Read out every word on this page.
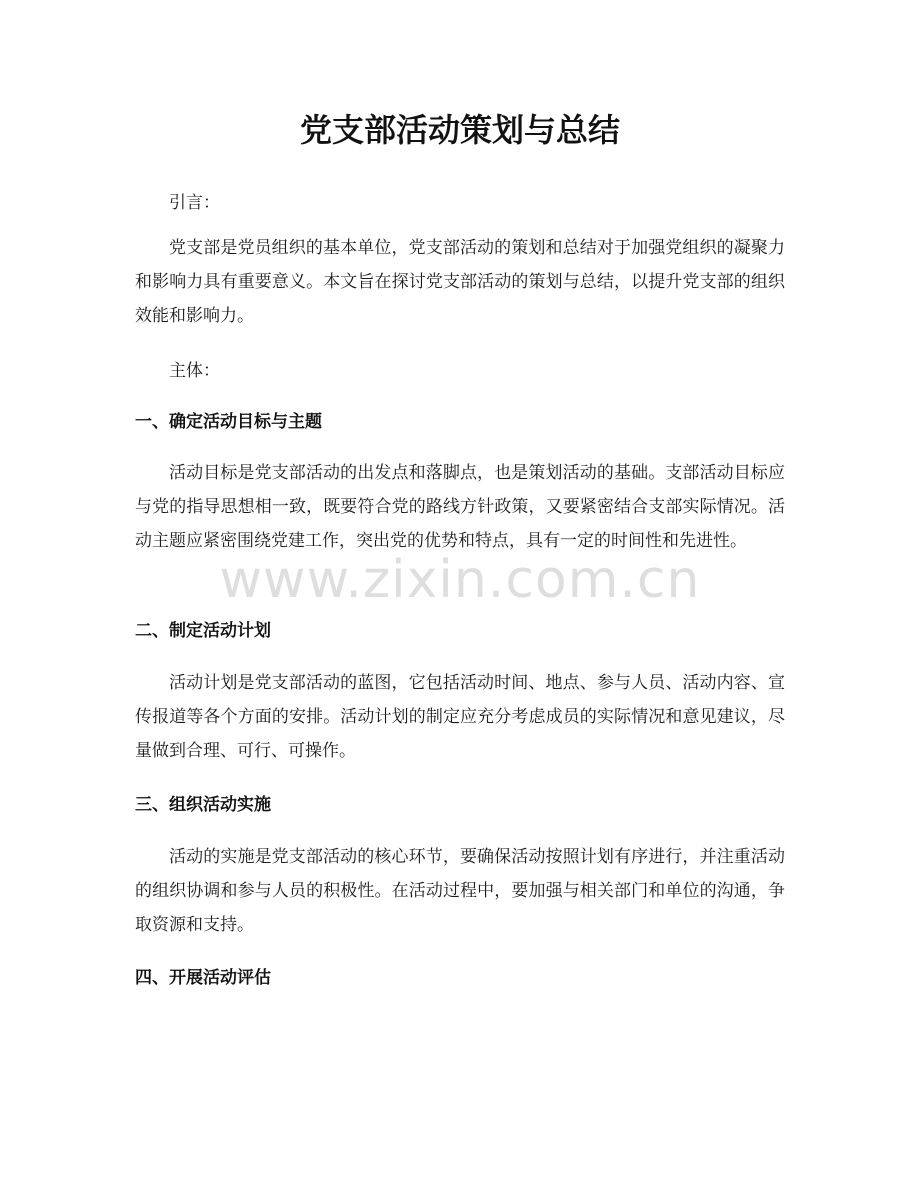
党支部活动策划与总结

引言：

党支部是党员组织的基本单位，党支部活动的策划和总结对于加强党组织的凝聚力和影响力具有重要意义。本文旨在探讨党支部活动的策划与总结，以提升党支部的组织效能和影响力。

主体：

一、确定活动目标与主题

活动目标是党支部活动的出发点和落脚点，也是策划活动的基础。支部活动目标应与党的指导思想相一致，既要符合党的路线方针政策，又要紧密结合支部实际情况。活动主题应紧密围绕党建工作，突出党的优势和特点，具有一定的时间性和先进性。

二、制定活动计划

活动计划是党支部活动的蓝图，它包括活动时间、地点、参与人员、活动内容、宣传报道等各个方面的安排。活动计划的制定应充分考虑成员的实际情况和意见建议，尽量做到合理、可行、可操作。

三、组织活动实施

活动的实施是党支部活动的核心环节，要确保活动按照计划有序进行，并注重活动的组织协调和参与人员的积极性。在活动过程中，要加强与相关部门和单位的沟通，争取资源和支持。

四、开展活动评估
www.zixin.com.cn
